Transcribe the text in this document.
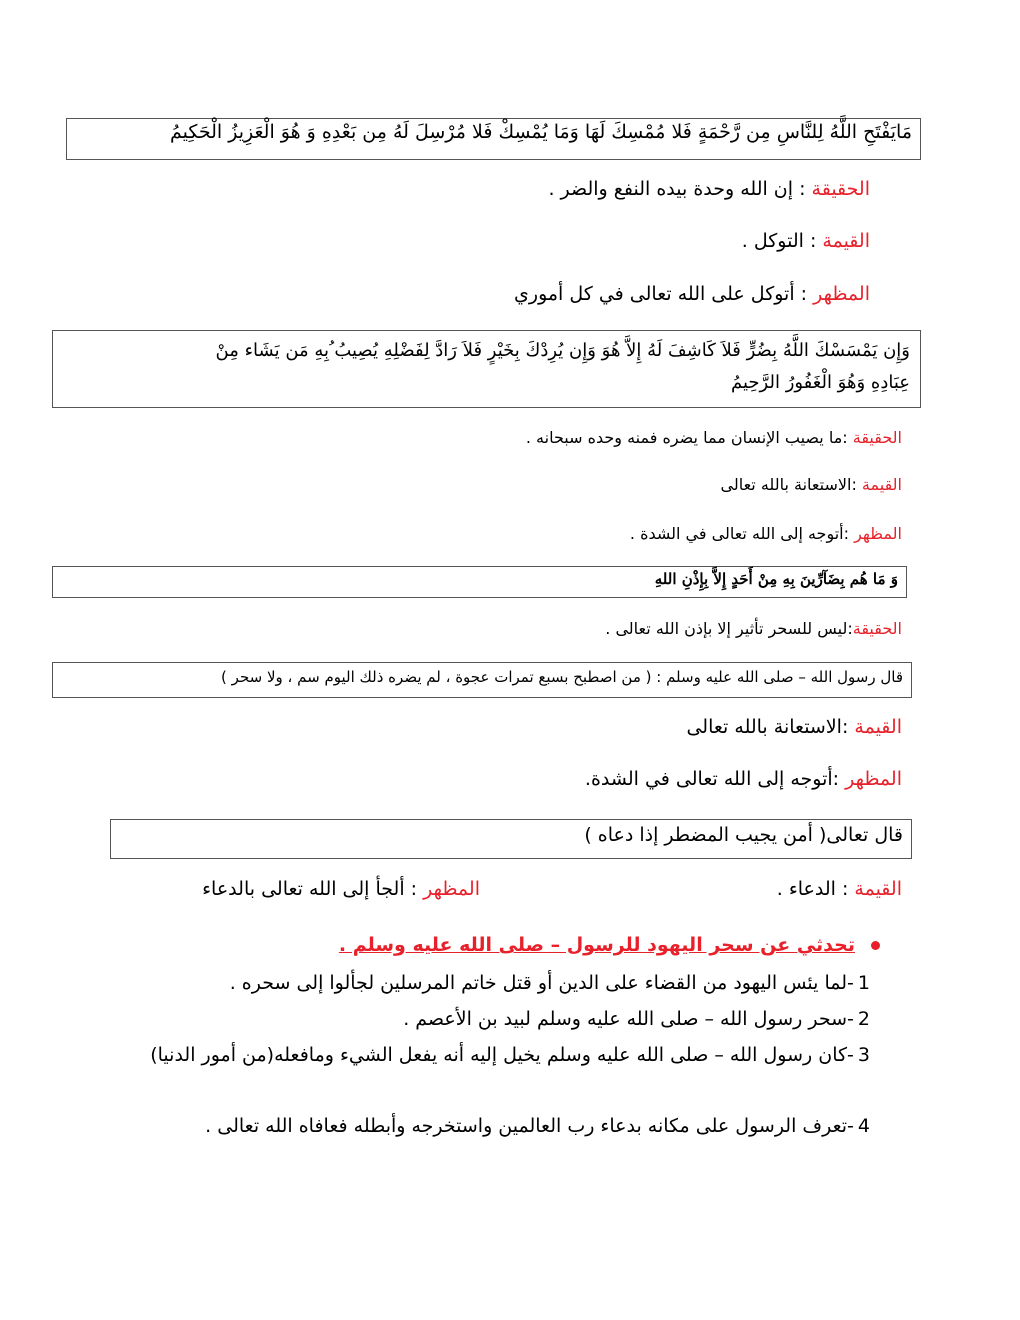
مَايَفْتَحِ اللَّهُ لِلنَّاسِ مِن رَّحْمَةٍ فَلا مُمْسِكَ لَهَا وَمَا يُمْسِكْ فَلا مُرْسِلَ لَهُ مِن بَعْدِهِ وَ هُوَ الْعَزِيزُ الْحَكِيمُ
الحقيقة : إن الله وحدة بيده النفع والضر .
القيمة : التوكل .
المظهر : أتوكل على الله تعالى في كل أموري
وَإِن يَمْسَسْكَ اللَّهُ بِضُرٍّ فَلاَ كَاشِفَ لَهُ إِلاَّ هُوَ وَإِن يُرِدْكَ بِخَيْرٍ فَلاَ رَادَّ لِفَضْلِهِ يُصِيبُ ُبِهِ مَن يَشَاء مِنْ
عِبَادِهِ وَهُوَ الْغَفُورُ الرَّحِيمُ
الحقيقة :ما يصيب الإنسان مما يضره فمنه وحده سبحانه .
القيمة :الاستعانة بالله تعالى
المظهر :أتوجه إلى الله تعالى في الشدة .
وَ مَا هُم بِضَآرِّينَ بِهِ مِنْ أَحَدٍ إِلاَّ بِإِذْنِ اللهِ
الحقيقة:ليس للسحر تأثير إلا بإذن الله تعالى .
قال رسول الله – صلى الله عليه وسلم : ( من اصطبح بسبع تمرات عجوة ، لم يضره ذلك اليوم سم ، ولا سحر )
القيمة :الاستعانة بالله تعالى
المظهر :أتوجه إلى الله تعالى في الشدة.
قال تعالى( أمن يجيب المضطر إذا دعاه )
القيمة : الدعاء .
المظهر : ألجأ إلى الله تعالى بالدعاء
تحدثي عن سحر اليهود للرسول – صلى الله عليه وسلم .
1-لما يئس اليهود من القضاء على الدين أو قتل خاتم المرسلين لجألوا إلى سحره .
2-سحر رسول الله – صلى الله عليه وسلم لبيد بن الأعصم .
3-كان رسول الله – صلى الله عليه وسلم يخيل إليه أنه يفعل الشيء ومافعله(من أمور الدنيا)
4-تعرف الرسول على مكانه بدعاء رب العالمين واستخرجه وأبطله فعافاه الله تعالى .
